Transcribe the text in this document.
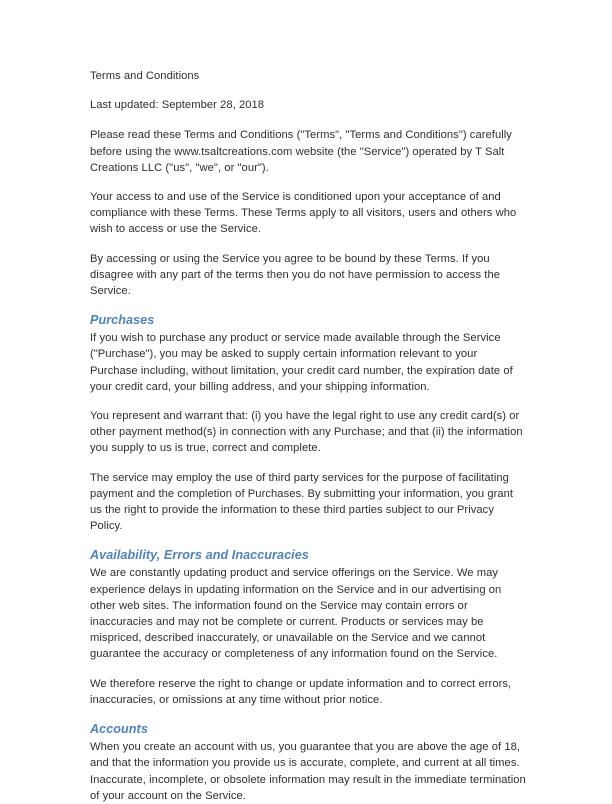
Terms and Conditions

Last updated: September 28, 2018

Please read these Terms and Conditions ("Terms", "Terms and Conditions") carefully before using the www.tsaltcreations.com website (the "Service") operated by T Salt Creations LLC ("us", "we", or "our").

Your access to and use of the Service is conditioned upon your acceptance of and compliance with these Terms. These Terms apply to all visitors, users and others who wish to access or use the Service.

By accessing or using the Service you agree to be bound by these Terms. If you disagree with any part of the terms then you do not have permission to access the Service.

Purchases

If you wish to purchase any product or service made available through the Service ("Purchase"), you may be asked to supply certain information relevant to your Purchase including, without limitation, your credit card number, the expiration date of your credit card, your billing address, and your shipping information.

You represent and warrant that: (i) you have the legal right to use any credit card(s) or other payment method(s) in connection with any Purchase; and that (ii) the information you supply to us is true, correct and complete.

The service may employ the use of third party services for the purpose of facilitating payment and the completion of Purchases. By submitting your information, you grant us the right to provide the information to these third parties subject to our Privacy Policy.

Availability, Errors and Inaccuracies

We are constantly updating product and service offerings on the Service. We may experience delays in updating information on the Service and in our advertising on other web sites. The information found on the Service may contain errors or inaccuracies and may not be complete or current. Products or services may be mispriced, described inaccurately, or unavailable on the Service and we cannot guarantee the accuracy or completeness of any information found on the Service.

We therefore reserve the right to change or update information and to correct errors, inaccuracies, or omissions at any time without prior notice.

Accounts

When you create an account with us, you guarantee that you are above the age of 18, and that the information you provide us is accurate, complete, and current at all times. Inaccurate, incomplete, or obsolete information may result in the immediate termination of your account on the Service.
